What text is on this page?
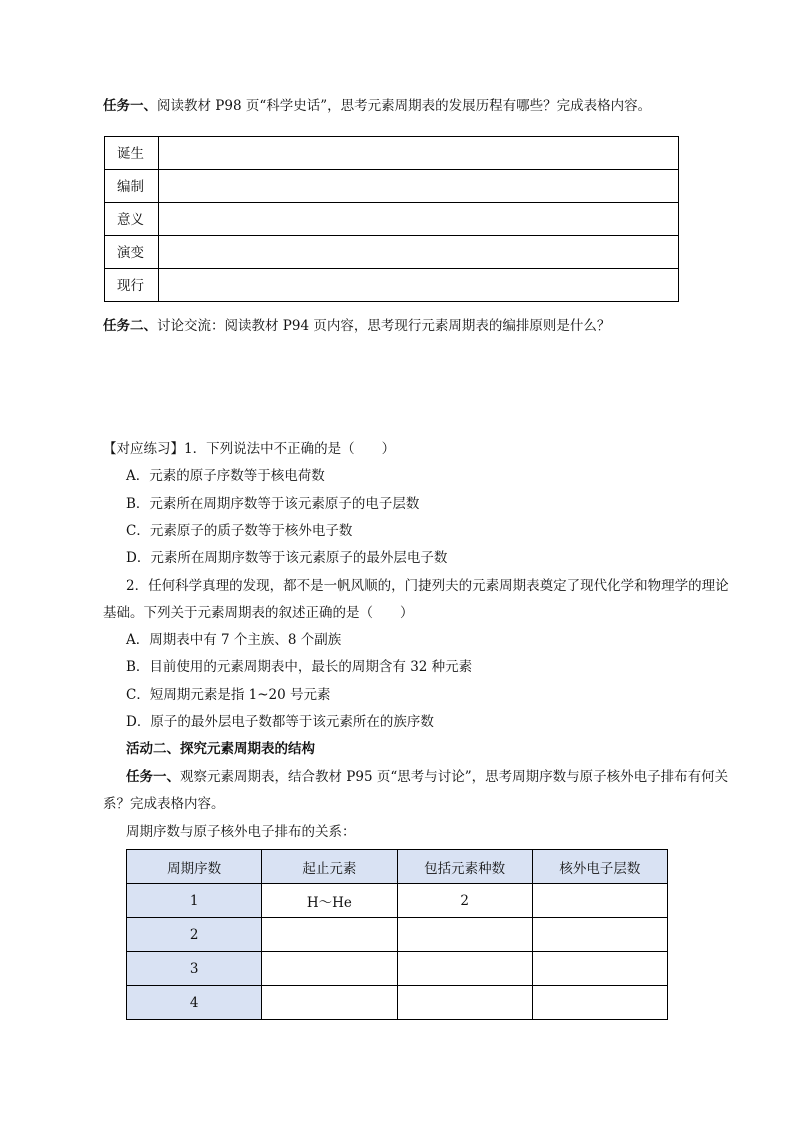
任务一、阅读教材 P98 页“科学史话”，思考元素周期表的发展历程有哪些？完成表格内容。
诞生	
编制	
意义	
演变	
现行	
任务二、讨论交流：阅读教材 P94 页内容，思考现行元素周期表的编排原则是什么？
【对应练习】1．下列说法中不正确的是（　　）
A．元素的原子序数等于核电荷数
B．元素所在周期序数等于该元素原子的电子层数
C．元素原子的质子数等于核外电子数
D．元素所在周期序数等于该元素原子的最外层电子数
2．任何科学真理的发现，都不是一帆风顺的，门捷列夫的元素周期表奠定了现代化学和物理学的理论
基础。下列关于元素周期表的叙述正确的是（　　）
A．周期表中有 7 个主族、8 个副族
B．目前使用的元素周期表中，最长的周期含有 32 种元素
C．短周期元素是指 1~20 号元素
D．原子的最外层电子数都等于该元素所在的族序数
活动二、探究元素周期表的结构
任务一、观察元素周期表，结合教材 P95 页“思考与讨论”，思考周期序数与原子核外电子排布有何关
系？完成表格内容。
周期序数与原子核外电子排布的关系：
周期序数	起止元素	包括元素种数	核外电子层数
1	H～He	2	
2			
3			
4			
